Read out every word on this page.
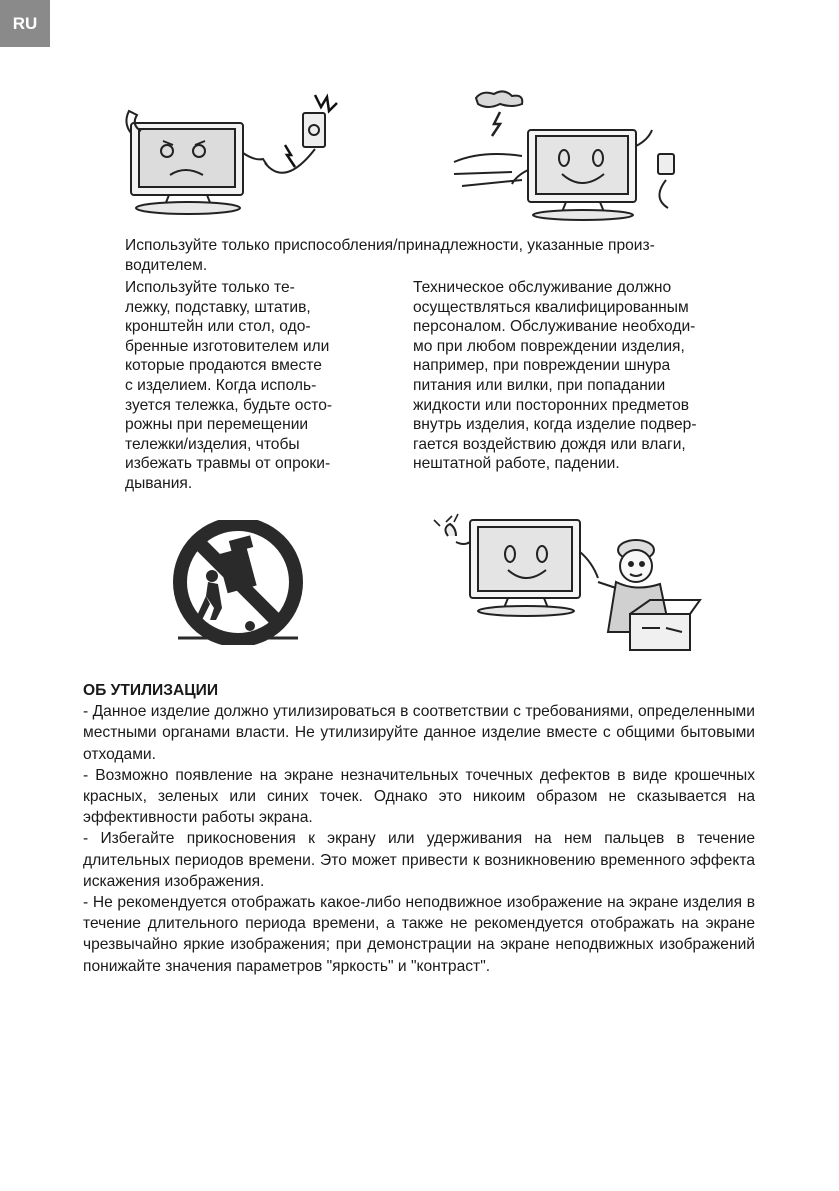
RU
Используйте только приспособления/принадлежности, указанные произ-
водителем.
Используйте только те-
лежку, подставку, штатив,
кронштейн или стол, одо-
бренные изготовителем или
которые продаются вместе
с изделием. Когда исполь-
зуется тележка, будьте осто-
рожны при перемещении
тележки/изделия, чтобы
избежать травмы от опроки-
дывания.
Техническое обслуживание должно
осуществляться квалифицированным
персоналом. Обслуживание необходи-
мо при любом повреждении изделия,
например, при повреждении шнура
питания или вилки, при попадании
жидкости или посторонних предметов
внутрь изделия, когда изделие подвер-
гается воздействию дождя или влаги,
нештатной работе, падении.
ОБ УТИЛИЗАЦИИ

- Данное изделие должно утилизироваться в соответствии с требованиями, определенными местными органами власти. Не утилизируйте данное изделие вместе с общими бытовыми отходами.

- Возможно появление на экране незначительных точечных дефектов в виде крошечных красных, зеленых или синих точек. Однако это никоим образом не сказывается на эффективности работы экрана.

- Избегайте прикосновения к экрану или удерживания на нем пальцев в течение длительных периодов времени. Это может привести к возникновению временного эффекта искажения изображения.

- Не рекомендуется отображать какое-либо неподвижное изображение на экране изделия в течение длительного периода времени, а также не рекомендуется отображать на экране чрезвычайно яркие изображения; при демонстрации на экране неподвижных изображений понижайте значения параметров "яркость" и "контраст".
